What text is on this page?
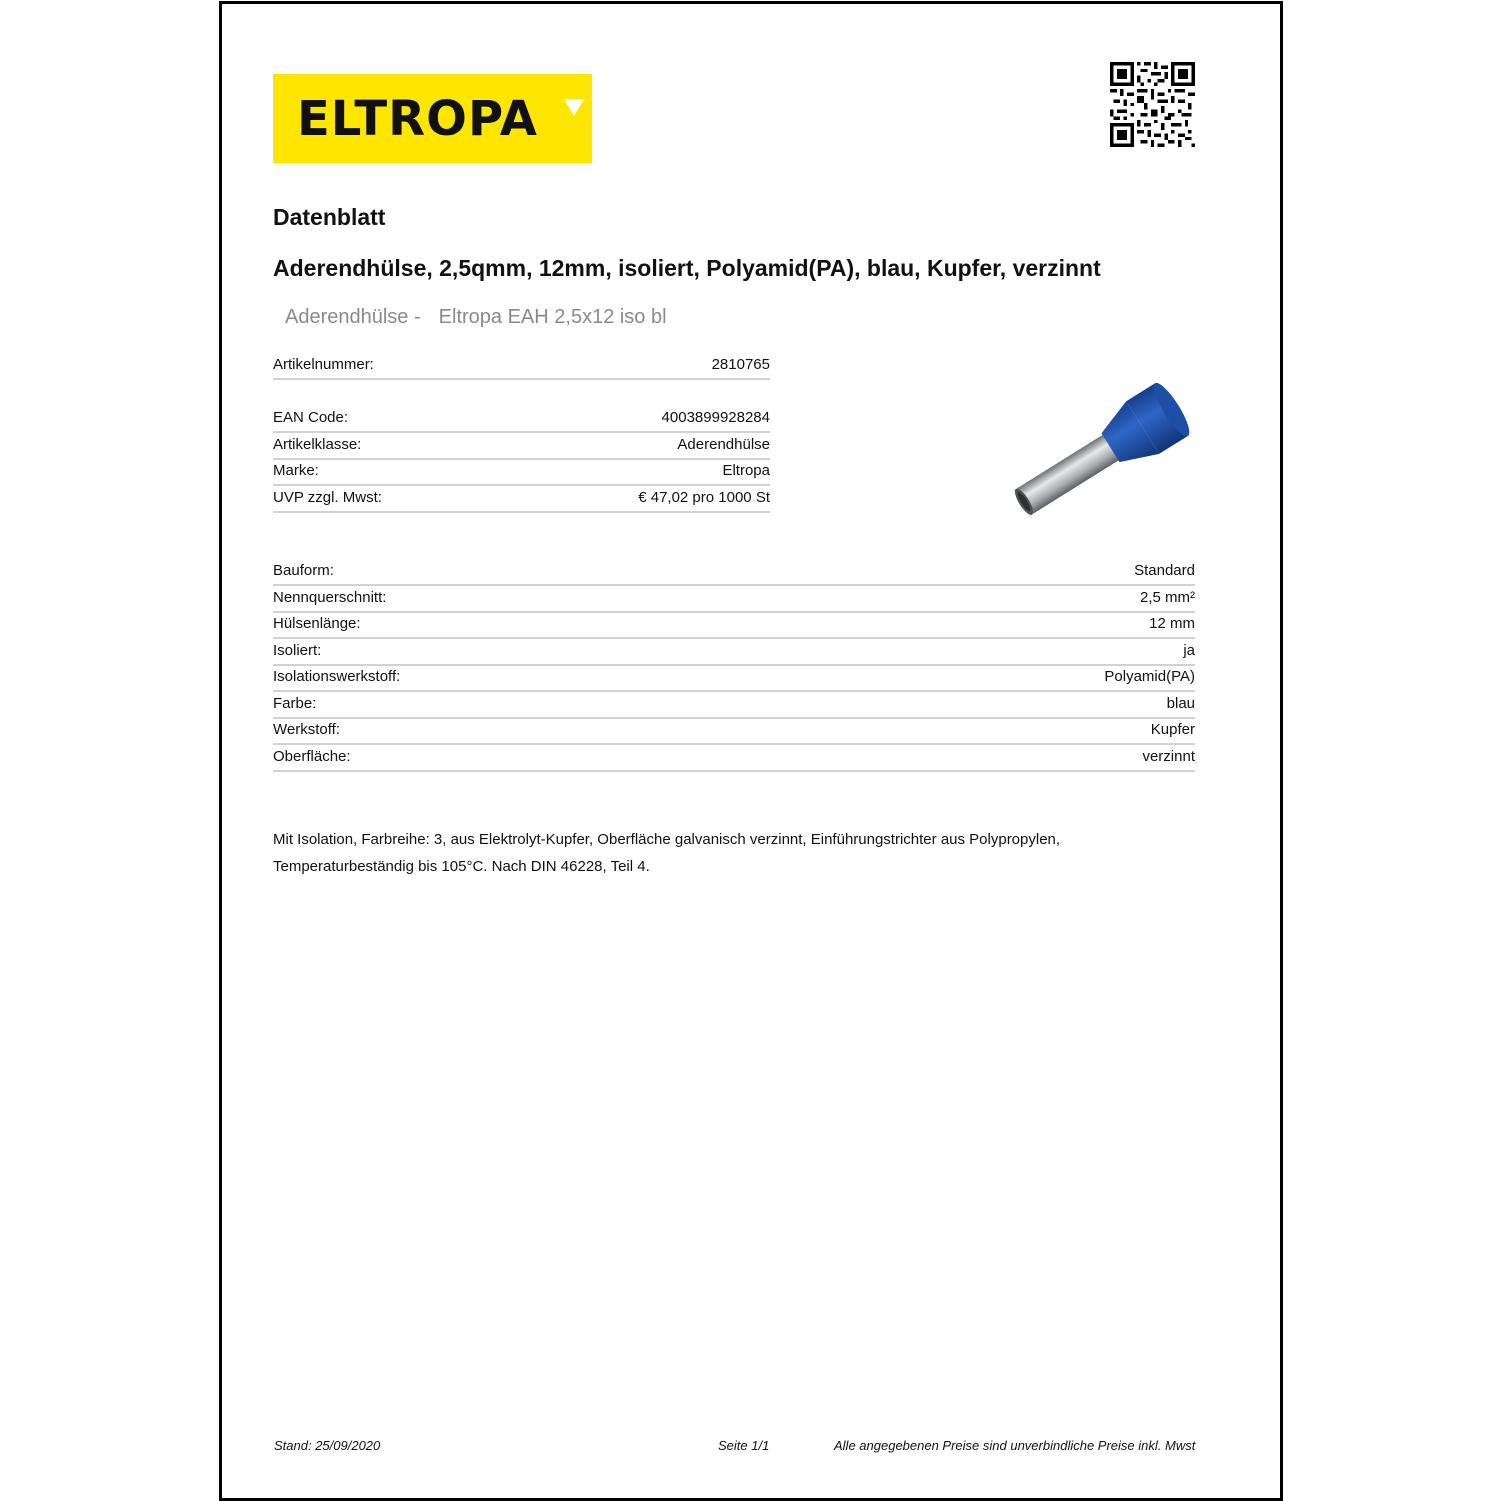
ELTROPA
Datenblatt
Aderendhülse, 2,5qmm, 12mm, isoliert, Polyamid(PA), blau, Kupfer, verzinnt
Aderendhülse - Eltropa EAH 2,5x12 iso bl
Artikelnummer:	2810765
EAN Code:	4003899928284
Artikelklasse:	Aderendhülse
Marke:	Eltropa
UVP zzgl. Mwst:	€ 47,02 pro 1000 St
Bauform:	Standard
Nennquerschnitt:	2,5 mm²
Hülsenlänge:	12 mm
Isoliert:	ja
Isolationswerkstoff:	Polyamid(PA)
Farbe:	blau
Werkstoff:	Kupfer
Oberfläche:	verzinnt
Mit Isolation, Farbreihe: 3, aus Elektrolyt-Kupfer, Oberfläche galvanisch verzinnt, Einführungstrichter aus Polypropylen,
Temperaturbeständig bis 105°C. Nach DIN 46228, Teil 4.
Stand: 25/09/2020	Seite 1/1	Alle angegebenen Preise sind unverbindliche Preise inkl. Mwst
